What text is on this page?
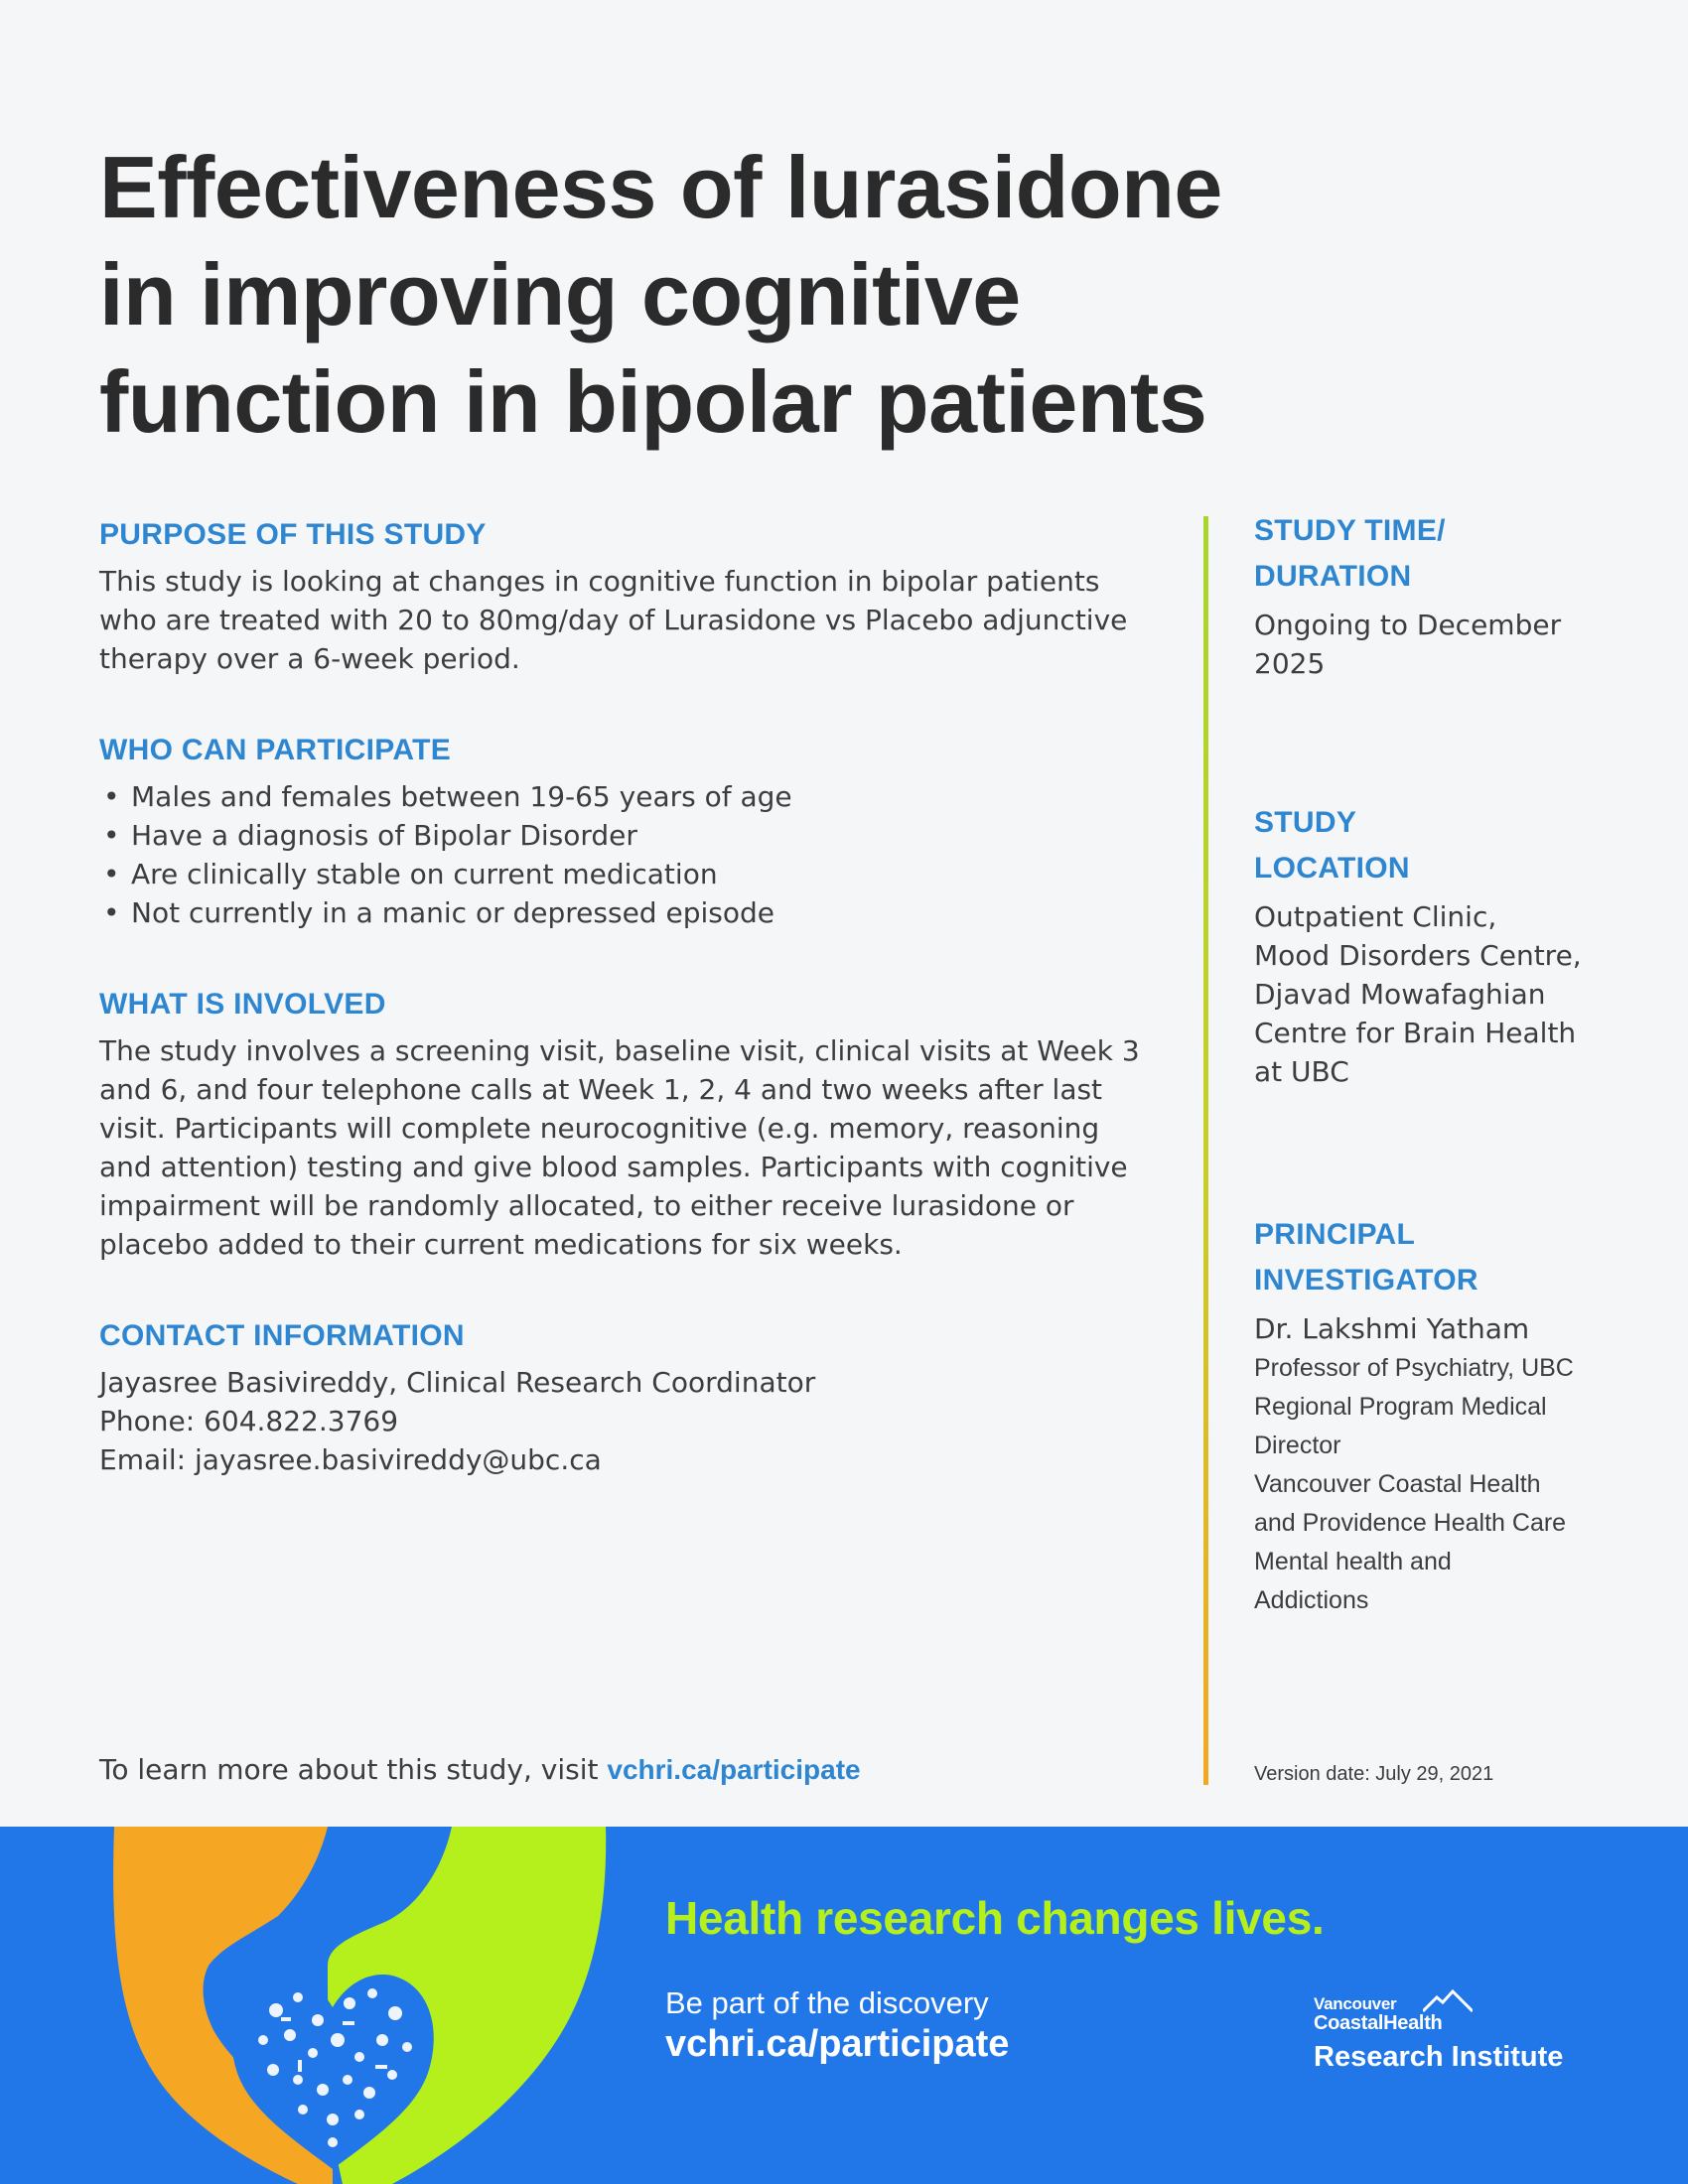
Effectiveness of lurasidone
in improving cognitive
function in bipolar patients
PURPOSE OF THIS STUDY

This study is looking at changes in cognitive function in bipolar patients who are treated with 20 to 80mg/day of Lurasidone vs Placebo adjunctive therapy over a 6-week period.

WHO CAN PARTICIPATE
• Males and females between 19-65 years of age
• Have a diagnosis of Bipolar Disorder
• Are clinically stable on current medication
• Not currently in a manic or depressed episode
WHAT IS INVOLVED

The study involves a screening visit, baseline visit, clinical visits at Week 3 and 6, and four telephone calls at Week 1, 2, 4 and two weeks after last visit. Participants will complete neurocognitive (e.g. memory, reasoning and attention) testing and give blood samples. Participants with cognitive impairment will be randomly allocated, to either receive lurasidone or placebo added to their current medications for six weeks.

CONTACT INFORMATION
Jayasree Basivireddy, Clinical Research Coordinator
Phone: 604.822.3769
Email: jayasree.basivireddy@ubc.ca
To learn more about this study, visit vchri.ca/participate
STUDY TIME/
DURATION
Ongoing to December
2025
STUDY
LOCATION
Outpatient Clinic,
Mood Disorders Centre,
Djavad Mowafaghian
Centre for Brain Health
at UBC
PRINCIPAL
INVESTIGATOR
Dr. Lakshmi Yatham
Professor of Psychiatry, UBC
Regional Program Medical
Director
Vancouver Coastal Health
and Providence Health Care
Mental health and
Addictions
Version date: July 29, 2021
Health research changes lives.
Be part of the discovery
vchri.ca/participate
Vancouver
CoastalHealth
Research Institute
